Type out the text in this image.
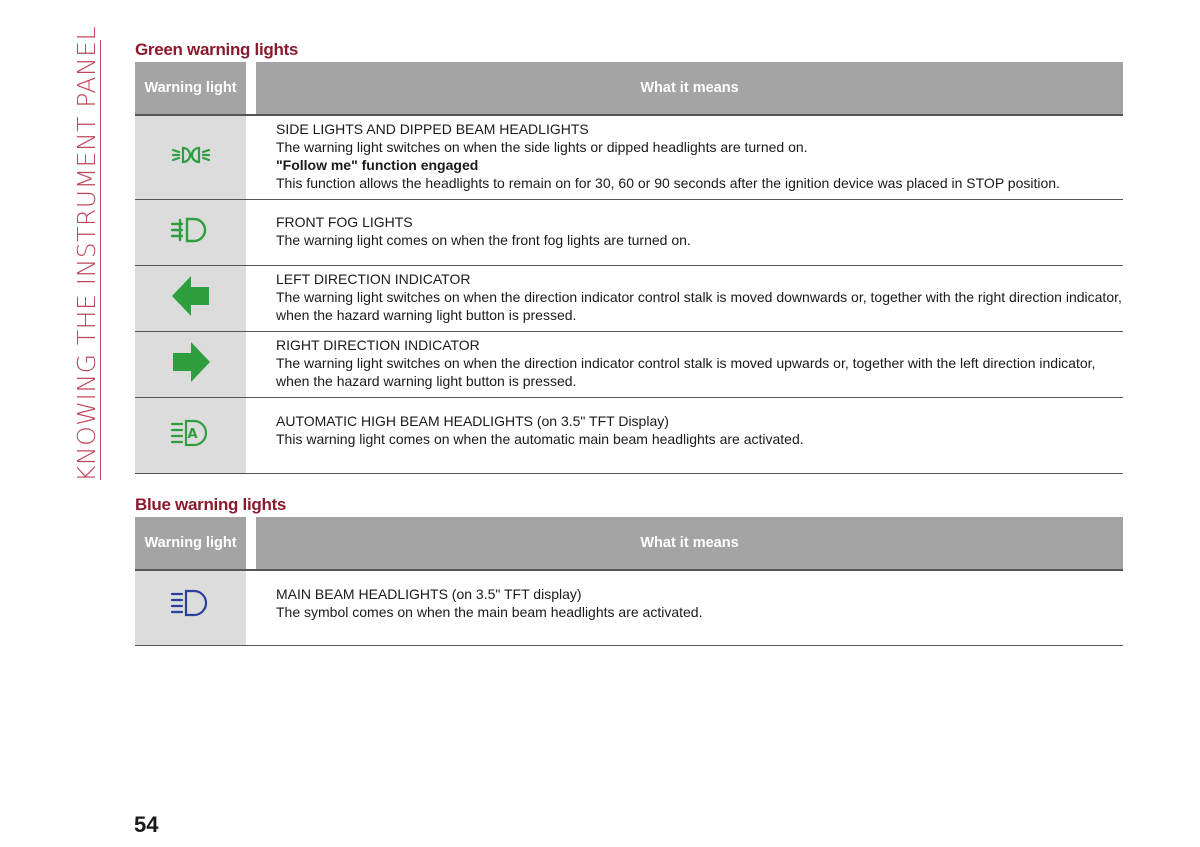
KNOWING THE INSTRUMENT PANEL Green warning lights
Warning light		What it means

SIDE LIGHTS AND DIPPED BEAM HEADLIGHTS
The warning light switches on when the side lights or dipped headlights are turned on.
"Follow me" function engaged
This function allows the headlights to remain on for 30, 60 or 90 seconds after the ignition device was placed in STOP position.

FRONT FOG LIGHTS
The warning light comes on when the front fog lights are turned on.

LEFT DIRECTION INDICATOR
The warning light switches on when the direction indicator control stalk is moved downwards or, together with the right direction indicator, when the hazard warning light button is pressed.

RIGHT DIRECTION INDICATOR
The warning light switches on when the direction indicator control stalk is moved upwards or, together with the left direction indicator, when the hazard warning light button is pressed.

A		AUTOMATIC HIGH BEAM HEADLIGHTS (on 3.5" TFT Display)
This warning light comes on when the automatic main beam headlights are activated.
Blue warning lights
Warning light		What it means

MAIN BEAM HEADLIGHTS (on 3.5" TFT display)
The symbol comes on when the main beam headlights are activated.
54
